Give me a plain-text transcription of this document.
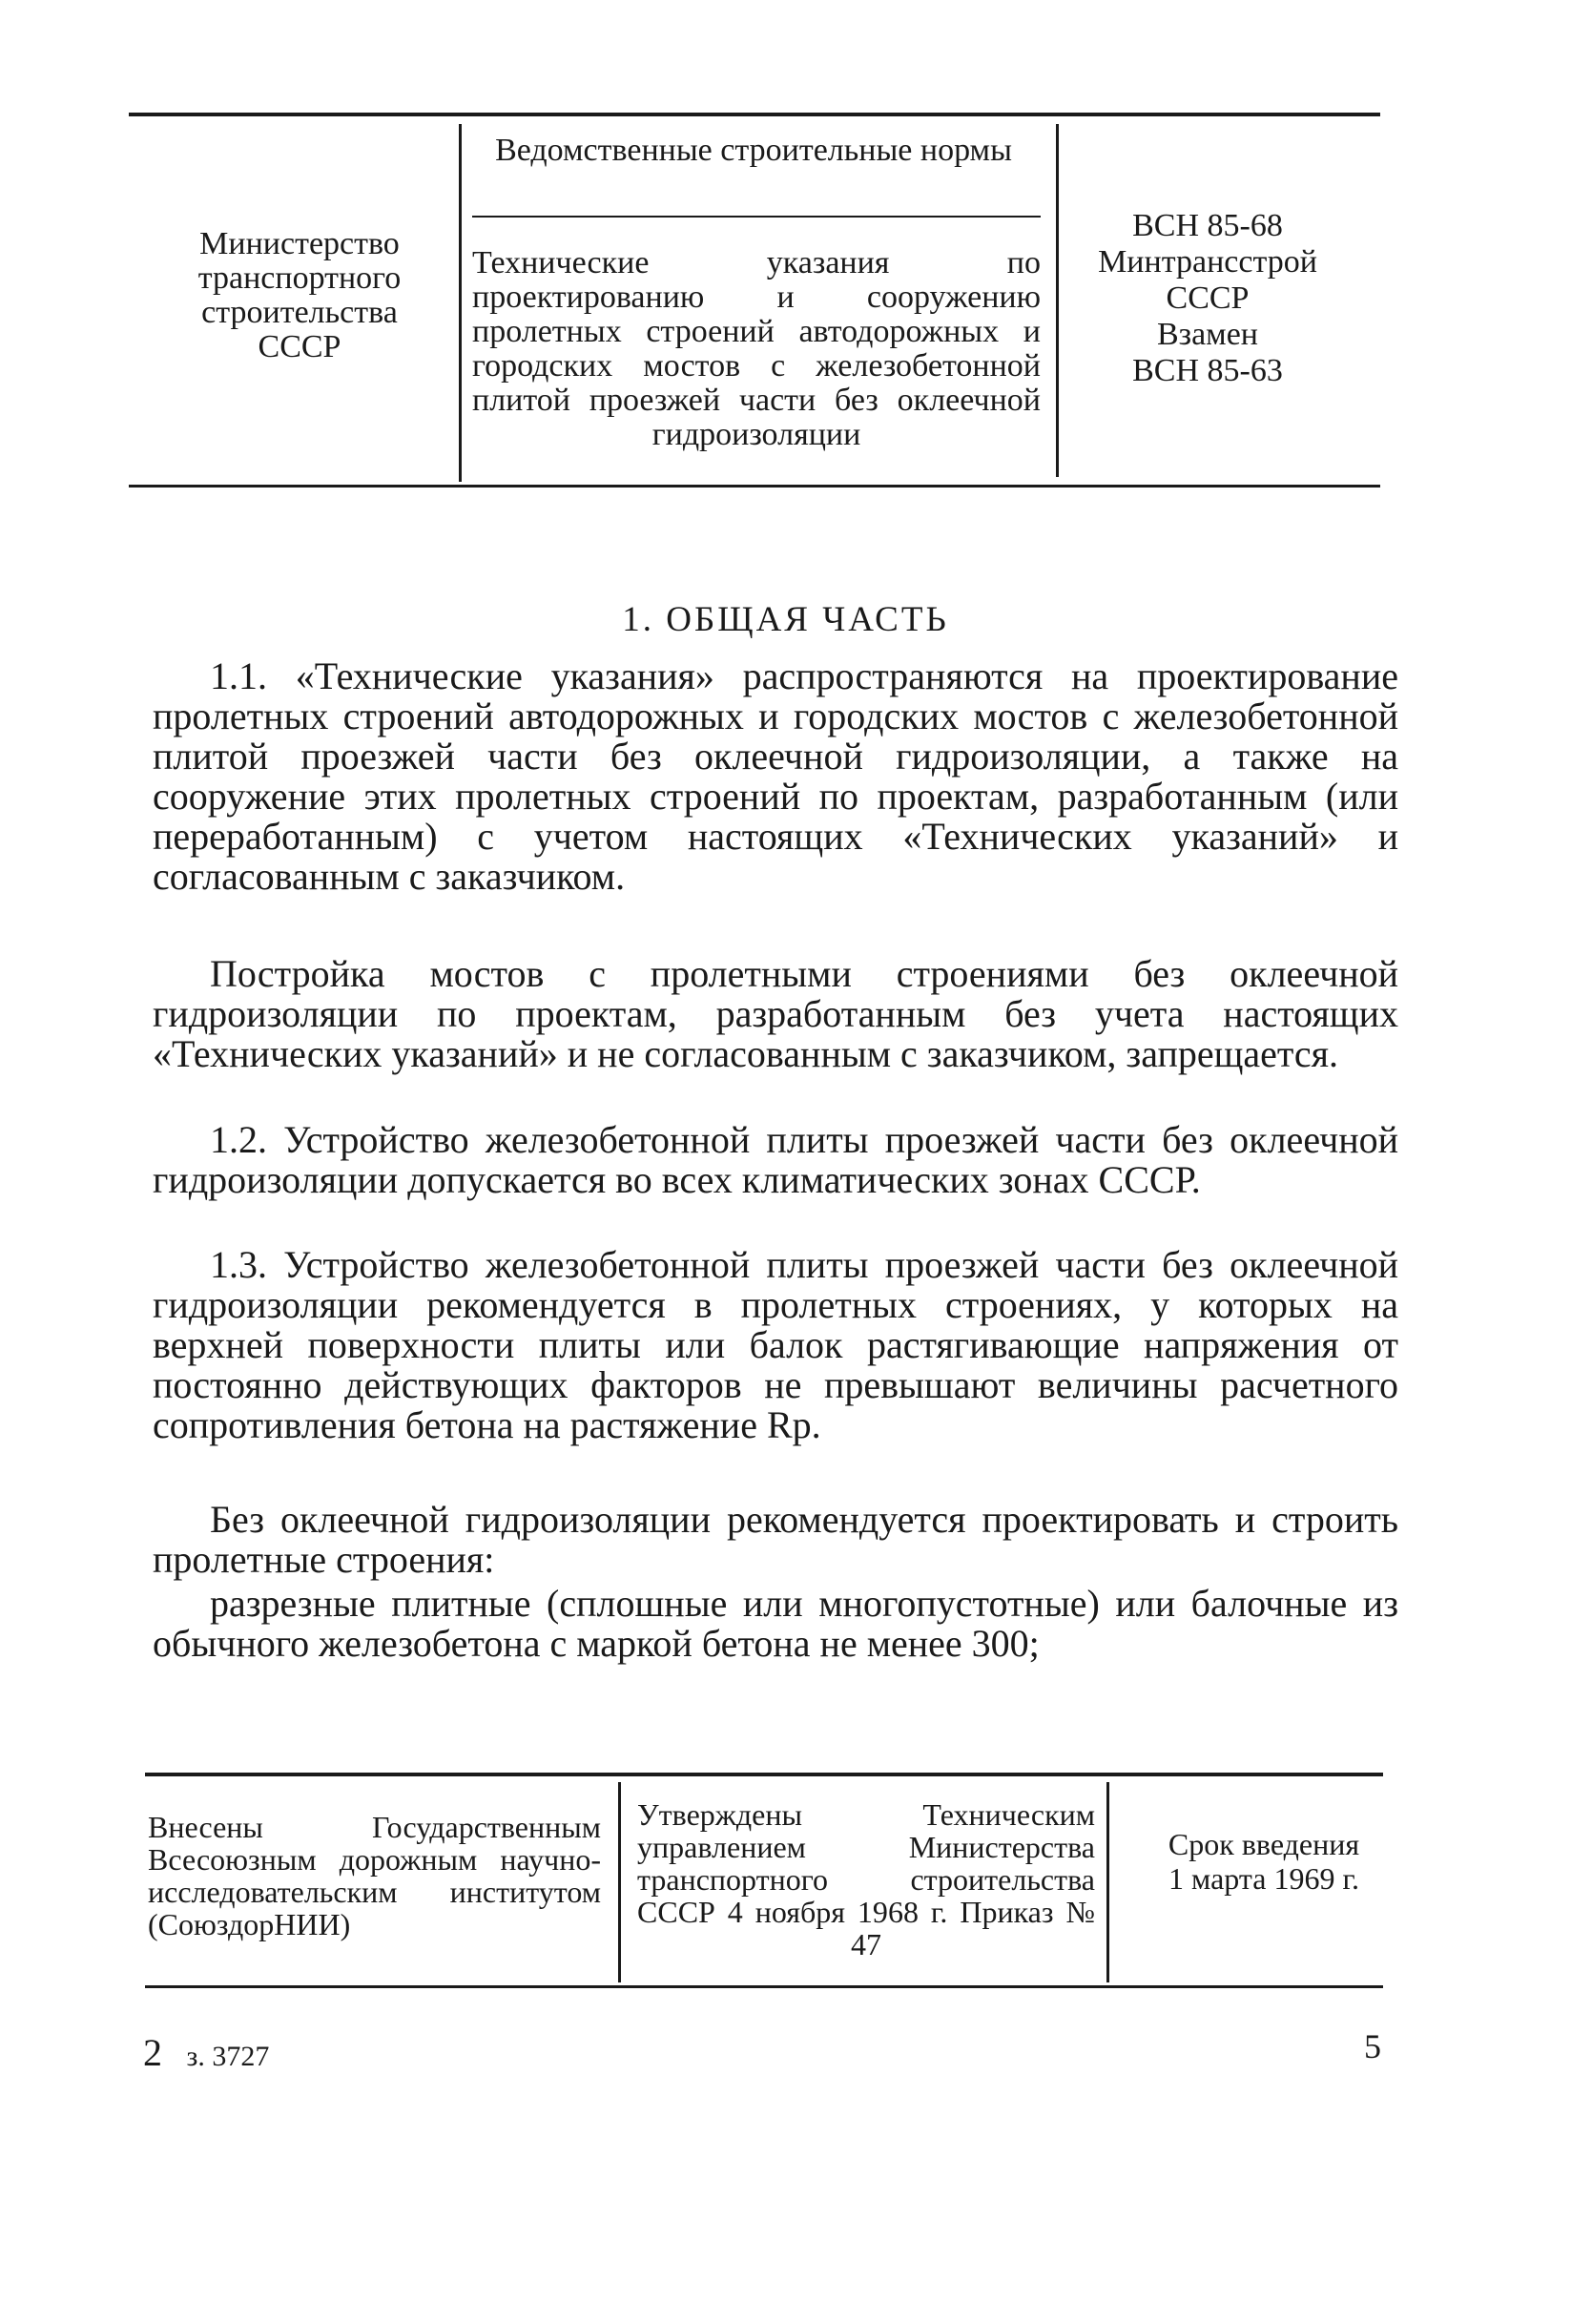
Министерство транспортного строительства СССР
Ведомственные строительные нормы
Технические указания по проектированию и сооружению пролетных строений автодорожных и городских мостов с железобетонной плитой проезжей части без оклеечной гидроизоляции
ВСН 85-68
Минтрансстрой
СССР
Взамен
ВСН 85-63
1. ОБЩАЯ ЧАСТЬ

1.1. «Технические указания» распространяются на проектирование пролетных строений автодорожных и городских мостов с железобетонной плитой проезжей части без оклеечной гидроизоляции, а также на сооружение этих пролетных строений по проектам, разработанным (или переработанным) с учетом настоящих «Технических указаний» и согласованным с заказчиком.

Постройка мостов с пролетными строениями без оклеечной гидроизоляции по проектам, разработанным без учета настоящих «Технических указаний» и не согласованным с заказчиком, запрещается.

1.2. Устройство железобетонной плиты проезжей части без оклеечной гидроизоляции допускается во всех климатических зонах СССР.

1.3. Устройство железобетонной плиты проезжей части без оклеечной гидроизоляции рекомендуется в пролетных строениях, у которых на верхней поверхности плиты или балок растягивающие напряжения от постоянно действующих факторов не превышают величины расчетного сопротивления бетона на растяжение Rр.

Без оклеечной гидроизоляции рекомендуется проектировать и строить пролетные строения:

разрезные плитные (сплошные или многопустотные) или балочные из обычного железобетона с маркой бетона не менее 300;

Внесены Государственным Всесоюзным дорожным научно-исследовательским институтом (СоюздорНИИ)
Утверждены Техническим управлением Министерства транспортного строительства СССР 4 ноября 1968 г. Приказ № 47
Срок введения
1 марта 1969 г.
2 з. 3727	5
